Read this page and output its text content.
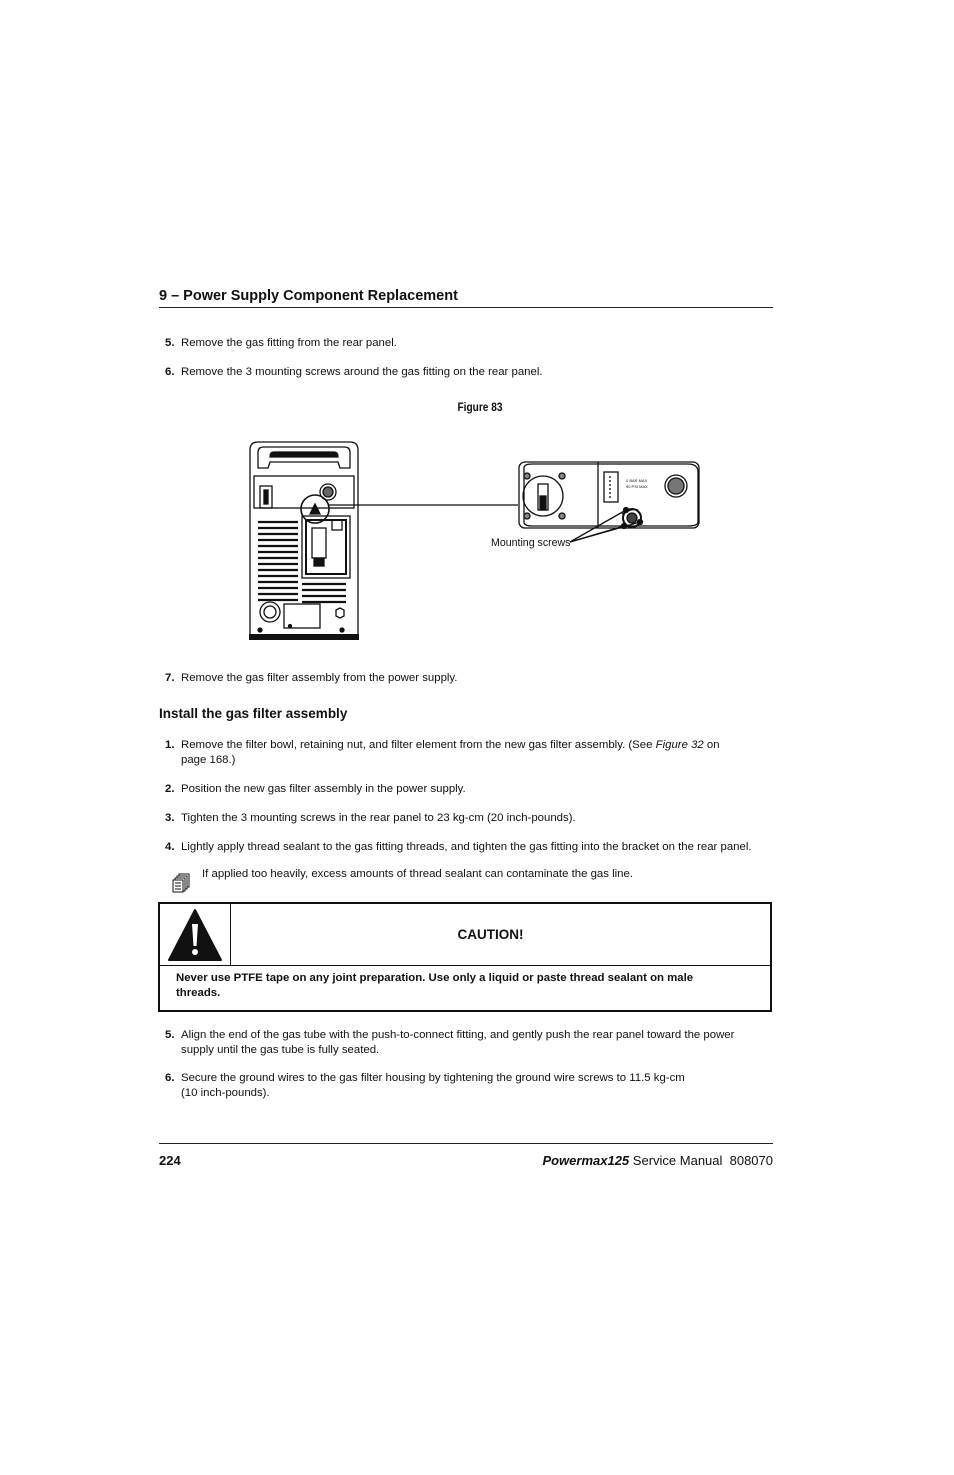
9 – Power Supply Component Replacement
5. Remove the gas fitting from the rear panel.
6. Remove the 3 mounting screws around the gas fitting on the rear panel.
Figure 83
0 BAR MAX
90 PSI MAX
Mounting screws
7. Remove the gas filter assembly from the power supply.
Install the gas filter assembly
1. Remove the filter bowl, retaining nut, and filter element from the new gas filter assembly. (See Figure 32 on
page 168.)
2. Position the new gas filter assembly in the power supply.
3. Tighten the 3 mounting screws in the rear panel to 23 kg-cm (20 inch-pounds).
4. Lightly apply thread sealant to the gas fitting threads, and tighten the gas fitting into the bracket on the rear panel.
If applied too heavily, excess amounts of thread sealant can contaminate the gas line.
CAUTION!
Never use PTFE tape on any joint preparation. Use only a liquid or paste thread sealant on male
threads.
5. Align the end of the gas tube with the push-to-connect fitting, and gently push the rear panel toward the power
supply until the gas tube is fully seated.
6. Secure the ground wires to the gas filter housing by tightening the ground wire screws to 11.5 kg-cm
(10 inch-pounds).
224	Powermax125 Service Manual  808070
